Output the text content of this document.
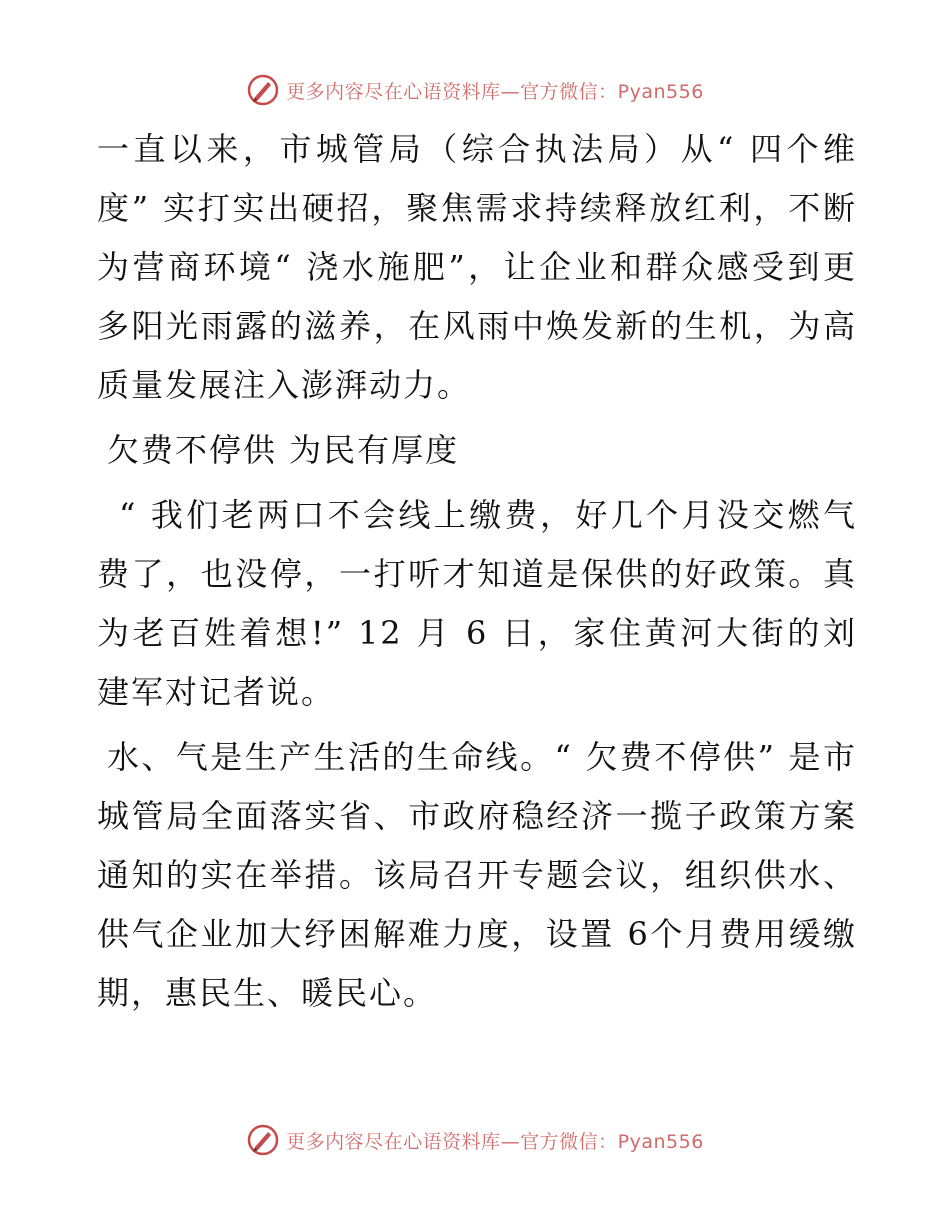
更多内容尽在心语资料库—官方微信：Pyan556

一直以来，市城管局（综合执法局）从“ 四个维度” 实打实出硬招，聚焦需求持续释放红利，不断为营商环境“ 浇水施肥”，让企业和群众感受到更多阳光雨露的滋养，在风雨中焕发新的生机，为高质量发展注入澎湃动力。

欠费不停供 为民有厚度

“ 我们老两口不会线上缴费，好几个月没交燃气费了，也没停，一打听才知道是保供的好政策。真为老百姓着想!” 12 月 6 日，家住黄河大街的刘建军对记者说。

水、气是生产生活的生命线。“ 欠费不停供” 是市城管局全面落实省、市政府稳经济一揽子政策方案通知的实在举措。该局召开专题会议，组织供水、供气企业加大纾困解难力度，设置 6个月费用缓缴期，惠民生、暖民心。

更多内容尽在心语资料库—官方微信：Pyan556
